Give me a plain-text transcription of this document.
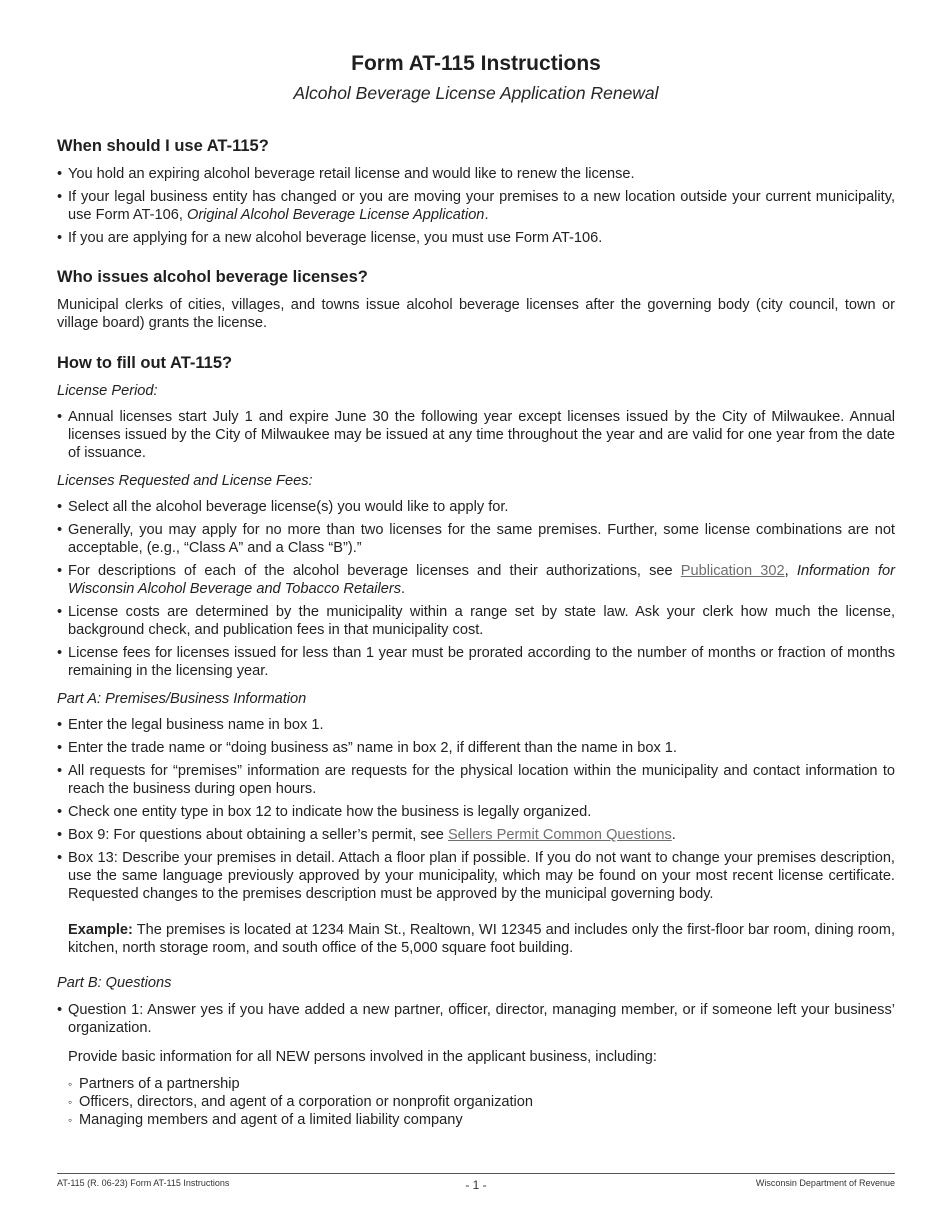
Form AT-115 Instructions
Alcohol Beverage License Application Renewal
When should I use AT-115?
• You hold an expiring alcohol beverage retail license and would like to renew the license.
• If your legal business entity has changed or you are moving your premises to a new location outside your current municipality, use Form AT-106, Original Alcohol Beverage License Application.
• If you are applying for a new alcohol beverage license, you must use Form AT-106.
Who issues alcohol beverage licenses?

Municipal clerks of cities, villages, and towns issue alcohol beverage licenses after the governing body (city council, town or village board) grants the license.

How to fill out AT-115?
License Period:
• Annual licenses start July 1 and expire June 30 the following year except licenses issued by the City of Milwaukee. Annual licenses issued by the City of Milwaukee may be issued at any time throughout the year and are valid for one year from the date of issuance.
Licenses Requested and License Fees:
• Select all the alcohol beverage license(s) you would like to apply for.
• Generally, you may apply for no more than two licenses for the same premises. Further, some license combinations are not acceptable, (e.g., “Class A” and a Class “B”).”
• For descriptions of each of the alcohol beverage licenses and their authorizations, see Publication 302, Information for Wisconsin Alcohol Beverage and Tobacco Retailers.
• License costs are determined by the municipality within a range set by state law. Ask your clerk how much the license, background check, and publication fees in that municipality cost.
• License fees for licenses issued for less than 1 year must be prorated according to the number of months or fraction of months remaining in the licensing year.
Part A: Premises/Business Information
• Enter the legal business name in box 1.
• Enter the trade name or “doing business as” name in box 2, if different than the name in box 1.
• All requests for “premises” information are requests for the physical location within the municipality and contact information to reach the business during open hours.
• Check one entity type in box 12 to indicate how the business is legally organized.
• Box 9: For questions about obtaining a seller’s permit, see Sellers Permit Common Questions.
• Box 13: Describe your premises in detail. Attach a floor plan if possible. If you do not want to change your premises description, use the same language previously approved by your municipality, which may be found on your most recent license certificate. Requested changes to the premises description must be approved by the municipal governing body.

Example: The premises is located at 1234 Main St., Realtown, WI 12345 and includes only the first-floor bar room, dining room, kitchen, north storage room, and south office of the 5,000 square foot building.

Part B: Questions
• Question 1: Answer yes if you have added a new partner, officer, director, managing member, or if someone left your business’ organization.

Provide basic information for all NEW persons involved in the applicant business, including:

◦ Partners of a partnership
◦ Officers, directors, and agent of a corporation or nonprofit organization
◦ Managing members and agent of a limited liability company
AT-115 (R. 06-23) Form AT-115 Instructions	- 1 -	Wisconsin Department of Revenue
